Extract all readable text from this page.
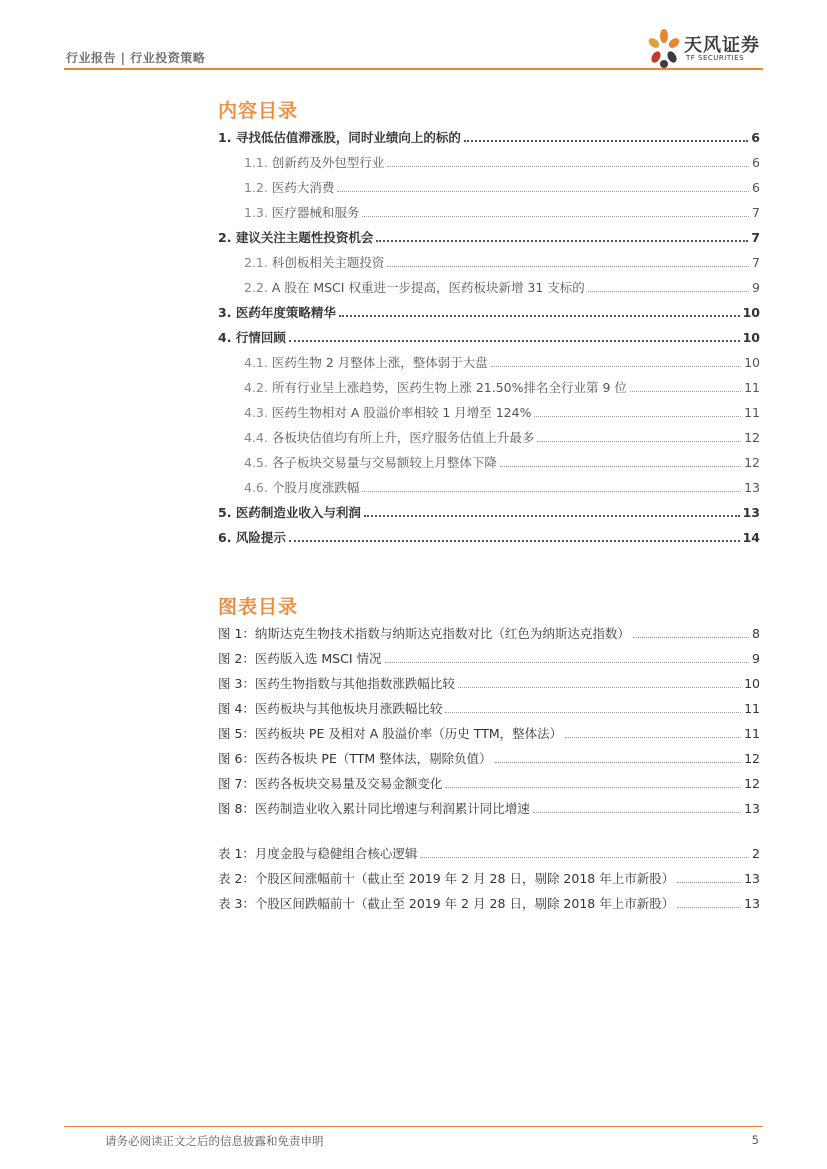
行业报告 | 行业投资策略
天风证券
TF SECURITIES
内容目录
1. 寻找低估值滞涨股，同时业绩向上的标的	6
1.1. 创新药及外包型行业	6
1.2. 医药大消费	6
1.3. 医疗器械和服务	7
2. 建议关注主题性投资机会	7
2.1. 科创板相关主题投资	7
2.2. A 股在 MSCI 权重进一步提高，医药板块新增 31 支标的	9
3. 医药年度策略精华	10
4. 行情回顾	10
4.1. 医药生物 2 月整体上涨，整体弱于大盘	10
4.2. 所有行业呈上涨趋势，医药生物上涨 21.50%排名全行业第 9 位	11
4.3. 医药生物相对 A 股溢价率相较 1 月增至 124%	11
4.4. 各板块估值均有所上升，医疗服务估值上升最多	12
4.5. 各子板块交易量与交易额较上月整体下降	12
4.6. 个股月度涨跌幅	13
5. 医药制造业收入与利润	13
6. 风险提示	14
图表目录
图 1：纳斯达克生物技术指数与纳斯达克指数对比（红色为纳斯达克指数）	8
图 2：医药版入选 MSCI 情况	9
图 3：医药生物指数与其他指数涨跌幅比较	10
图 4：医药板块与其他板块月涨跌幅比较	11
图 5：医药板块 PE 及相对 A 股溢价率（历史 TTM，整体法）	11
图 6：医药各板块 PE（TTM 整体法，剔除负值）	12
图 7：医药各板块交易量及交易金额变化	12
图 8：医药制造业收入累计同比增速与利润累计同比增速	13
表 1：月度金股与稳健组合核心逻辑	2
表 2：个股区间涨幅前十（截止至 2019 年 2 月 28 日，剔除 2018 年上市新股）	13
表 3：个股区间跌幅前十（截止至 2019 年 2 月 28 日，剔除 2018 年上市新股）	13
请务必阅读正文之后的信息披露和免责申明	5
